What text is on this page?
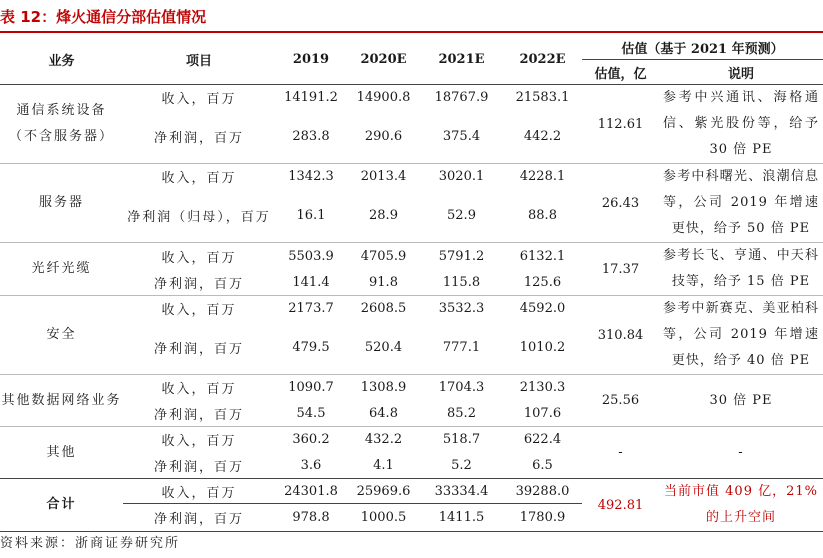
表 12：烽火通信分部估值情况
业务	项目	2019	2020E	2021E	2022E	估值（基于 2021 年预测）	
						估值，亿	说明
通信系统设备
（不含服务器）	收入，百万	14191.2	14900.8	18767.9	21583.1	112.61	参考中兴通讯、海格通信、紫光股份等，给予30 倍 PE
	净利润，百万	283.8	290.6	375.4	442.2		
服务器	收入，百万	1342.3	2013.4	3020.1	4228.1	26.43	参考中科曙光、浪潮信息等，公司 2019 年增速更快，给予 50 倍 PE
	净利润（归母），百万	16.1	28.9	52.9	88.8		
光纤光缆	收入，百万	5503.9	4705.9	5791.2	6132.1	17.37	参考长飞、亨通、中天科技等，给予 15 倍 PE
	净利润，百万	141.4	91.8	115.8	125.6		
安全	收入，百万	2173.7	2608.5	3532.3	4592.0	310.84	参考中新赛克、美亚柏科等，公司 2019 年增速更快，给予 40 倍 PE
	净利润，百万	479.5	520.4	777.1	1010.2		
其他数据网络业务	收入，百万	1090.7	1308.9	1704.3	2130.3	25.56	30 倍 PE
	净利润，百万	54.5	64.8	85.2	107.6		
其他	收入，百万	360.2	432.2	518.7	622.4	-	-
	净利润，百万	3.6	4.1	5.2	6.5		
合计	收入，百万	24301.8	25969.6	33334.4	39288.0	492.81	当前市值 409 亿，21%的上升空间
	净利润，百万	978.8	1000.5	1411.5	1780.9		
资料来源：浙商证券研究所
